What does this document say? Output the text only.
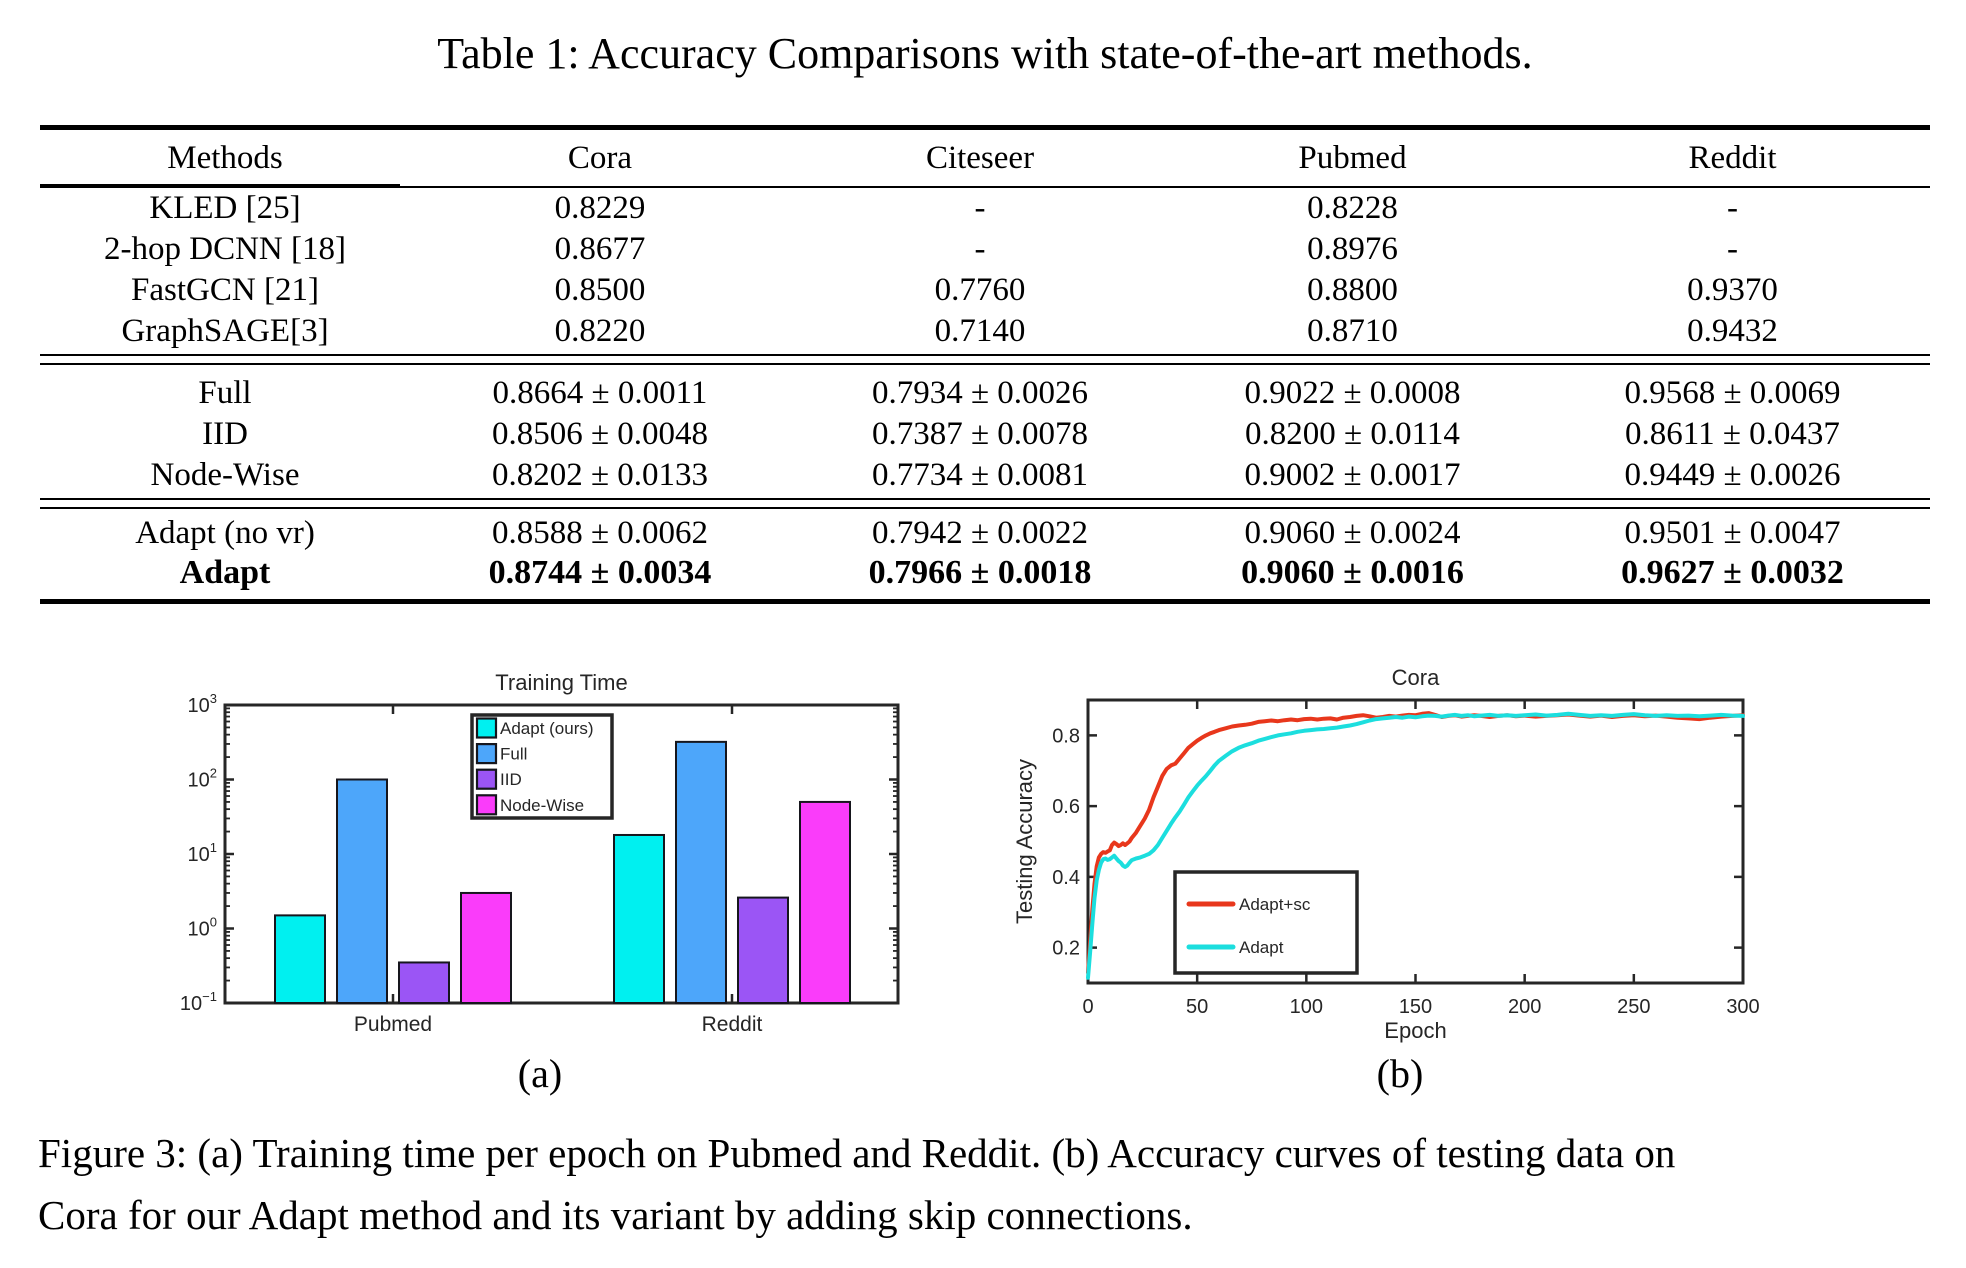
Table 1: Accuracy Comparisons with state-of-the-art methods.
Methods	Cora	Citeseer	Pubmed	Reddit
KLED [25]	0.8229	-	0.8228	-
2-hop DCNN [18]	0.8677	-	0.8976	-
FastGCN [21]	0.8500	0.7760	0.8800	0.9370
GraphSAGE[3]	0.8220	0.7140	0.8710	0.9432
Full	0.8664 ± 0.0011	0.7934 ± 0.0026	0.9022 ± 0.0008	0.9568 ± 0.0069
IID	0.8506 ± 0.0048	0.7387 ± 0.0078	0.8200 ± 0.0114	0.8611 ± 0.0437
Node-Wise	0.8202 ± 0.0133	0.7734 ± 0.0081	0.9002 ± 0.0017	0.9449 ± 0.0026
Adapt (no vr)	0.8588 ± 0.0062	0.7942 ± 0.0022	0.9060 ± 0.0024	0.9501 ± 0.0047
Adapt	0.8744 ± 0.0034	0.7966 ± 0.0018	0.9060 ± 0.0016	0.9627 ± 0.0032
$10^3$
$10^2$
$10^1$
$10^0$
$10^{-1}$
Pubmed	Reddit
Training Time
Adapt (ours)
Full
IID
Node-Wise
0	50	100	150	200	250	300
0.2
0.4
0.6
0.8
Cora
Epoch
Testing Accuracy	Adapt+sc
Adapt
(a)	(b)
Figure 3: (a) Training time per epoch on Pubmed and Reddit. (b) Accuracy curves of testing data on
Cora for our Adapt method and its variant by adding skip connections.
